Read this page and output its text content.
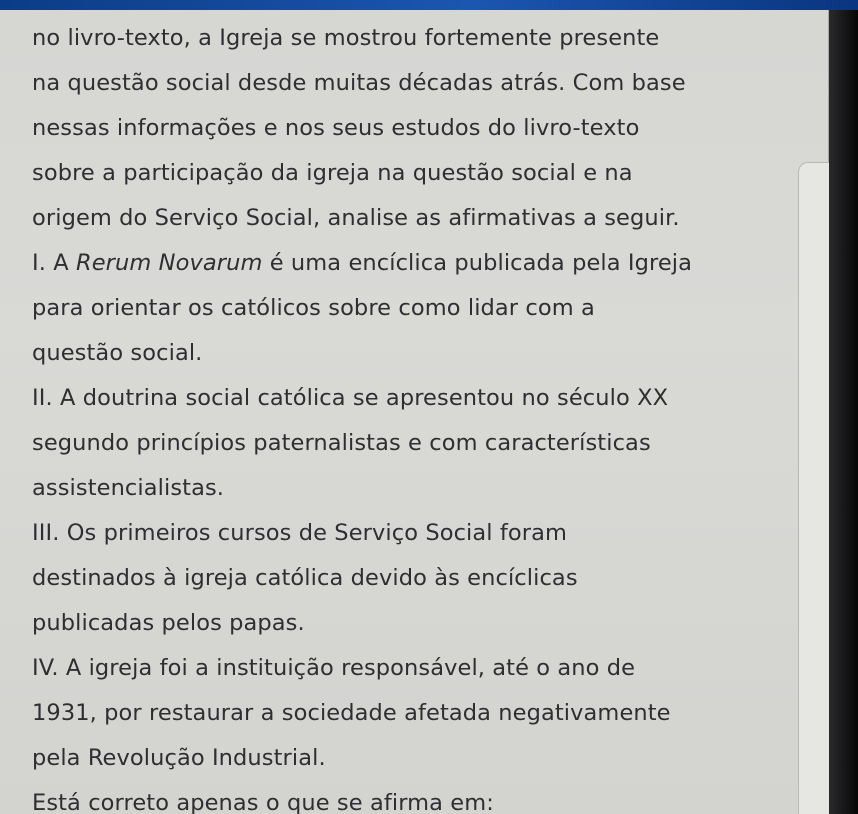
no livro-texto, a Igreja se mostrou fortemente presente
na questão social desde muitas décadas atrás. Com base
nessas informações e nos seus estudos do livro-texto
sobre a participação da igreja na questão social e na
origem do Serviço Social, analise as afirmativas a seguir.
I. A Rerum Novarum é uma encíclica publicada pela Igreja
para orientar os católicos sobre como lidar com a
questão social.
II. A doutrina social católica se apresentou no século XX
segundo princípios paternalistas e com características
assistencialistas.
III. Os primeiros cursos de Serviço Social foram
destinados à igreja católica devido às encíclicas
publicadas pelos papas.
IV. A igreja foi a instituição responsável, até o ano de
1931, por restaurar a sociedade afetada negativamente
pela Revolução Industrial.
Está correto apenas o que se afirma em:
